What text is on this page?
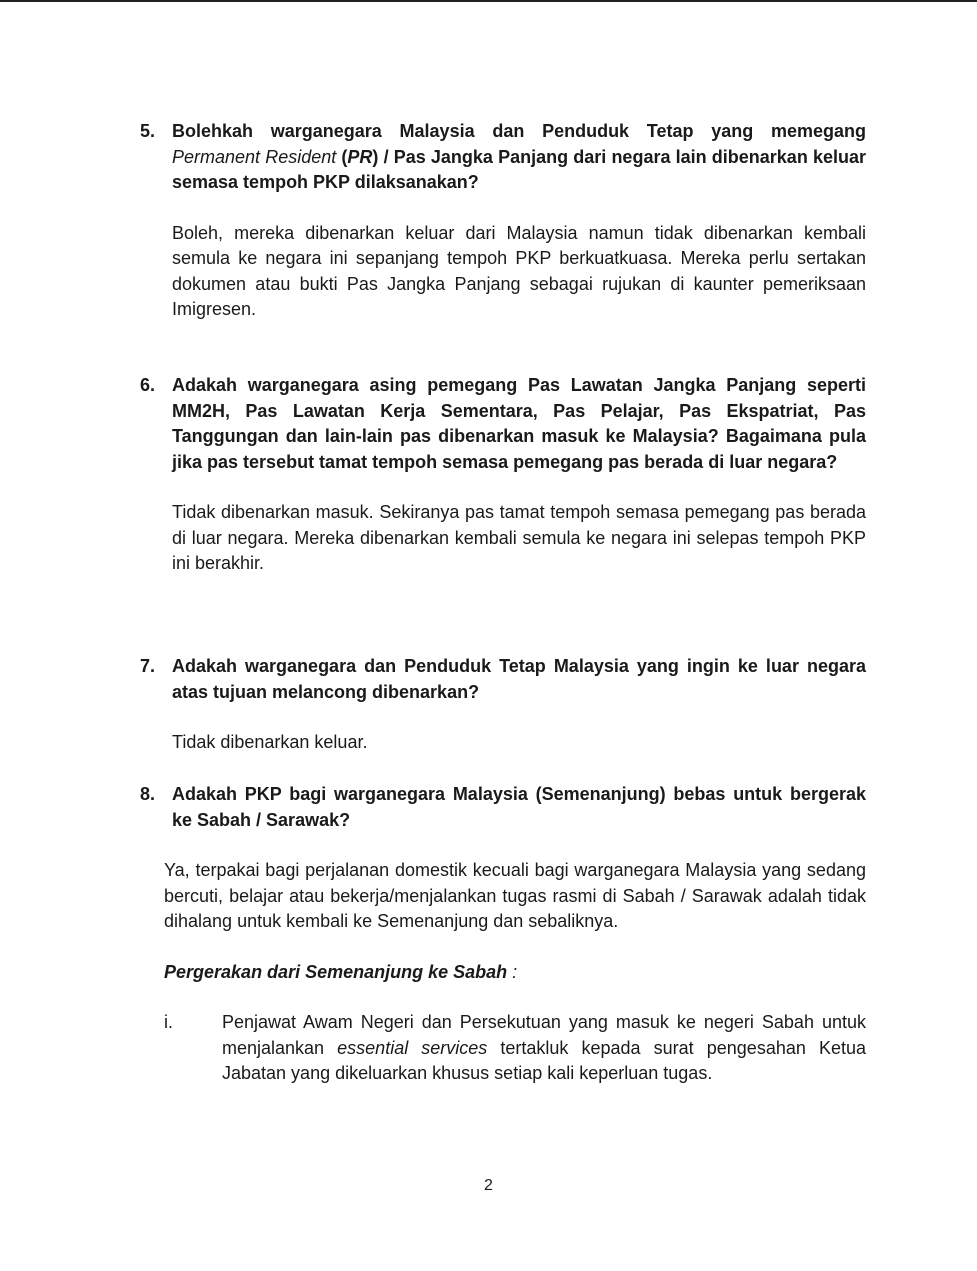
5. Bolehkah warganegara Malaysia dan Penduduk Tetap yang memegang Permanent Resident (PR) / Pas Jangka Panjang dari negara lain dibenarkan keluar semasa tempoh PKP dilaksanakan?

Boleh, mereka dibenarkan keluar dari Malaysia namun tidak dibenarkan kembali semula ke negara ini sepanjang tempoh PKP berkuatkuasa. Mereka perlu sertakan dokumen atau bukti Pas Jangka Panjang sebagai rujukan di kaunter pemeriksaan Imigresen.

6. Adakah warganegara asing pemegang Pas Lawatan Jangka Panjang seperti MM2H, Pas Lawatan Kerja Sementara, Pas Pelajar, Pas Ekspatriat, Pas Tanggungan dan lain-lain pas dibenarkan masuk ke Malaysia? Bagaimana pula jika pas tersebut tamat tempoh semasa pemegang pas berada di luar negara?

Tidak dibenarkan masuk. Sekiranya pas tamat tempoh semasa pemegang pas berada di luar negara. Mereka dibenarkan kembali semula ke negara ini selepas tempoh PKP ini berakhir.

7. Adakah warganegara dan Penduduk Tetap Malaysia yang ingin ke luar negara atas tujuan melancong dibenarkan?

Tidak dibenarkan keluar.

8. Adakah PKP bagi warganegara Malaysia (Semenanjung) bebas untuk bergerak ke Sabah / Sarawak?

Ya, terpakai bagi perjalanan domestik kecuali bagi warganegara Malaysia yang sedang bercuti, belajar atau bekerja/menjalankan tugas rasmi di Sabah / Sarawak adalah tidak dihalang untuk kembali ke Semenanjung dan sebaliknya.

Pergerakan dari Semenanjung ke Sabah :
i.	Penjawat Awam Negeri dan Persekutuan yang masuk ke negeri Sabah untuk menjalankan essential services tertakluk kepada surat pengesahan Ketua Jabatan yang dikeluarkan khusus setiap kali keperluan tugas.
2
